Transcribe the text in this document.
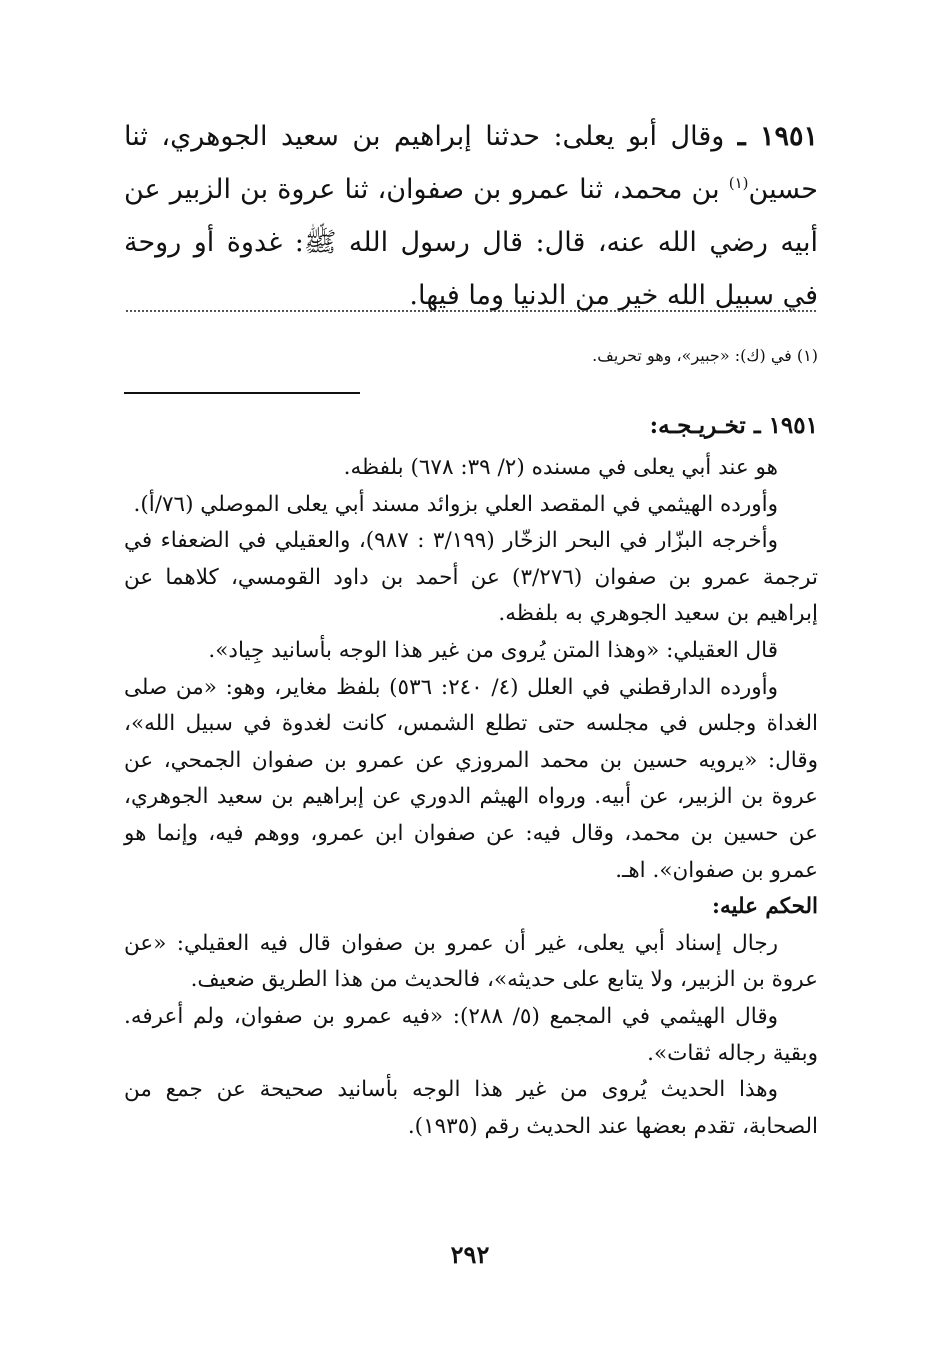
١٩٥١ ـ وقال أبو يعلى: حدثنا إبراهيم بن سعيد الجوهري، ثنا حسين$^{(١)}$ بن محمد، ثنا عمرو بن صفوان، ثنا عروة بن الزبير عن أبيه رضي الله عنه، قال: قال رسول الله ﷺ: غدوة أو روحة في سبيل الله خير من الدنيا وما فيها.

(١) في (ك): «جبير»، وهو تحريف.

١٩٥١ ـ تخـريـجـه:

هو عند أبي يعلى في مسنده (٢/ ٣٩: ٦٧٨) بلفظه.

وأورده الهيثمي في المقصد العلي بزوائد مسند أبي يعلى الموصلي (٧٦/أ).

وأخرجه البزّار في البحر الزخّار (٣/١٩٩ : ٩٨٧)، والعقيلي في الضعفاء في ترجمة عمرو بن صفوان (٣/٢٧٦) عن أحمد بن داود القومسي، كلاهما عن إبراهيم بن سعيد الجوهري به بلفظه.

قال العقيلي: «وهذا المتن يُروى من غير هذا الوجه بأسانيد جِياد».

وأورده الدارقطني في العلل (٤/ ٢٤٠: ٥٣٦) بلفظ مغاير، وهو: «من صلى الغداة وجلس في مجلسه حتى تطلع الشمس، كانت لغدوة في سبيل الله»، وقال: «يرويه حسين بن محمد المروزي عن عمرو بن صفوان الجمحي، عن عروة بن الزبير، عن أبيه. ورواه الهيثم الدوري عن إبراهيم بن سعيد الجوهري، عن حسين بن محمد، وقال فيه: عن صفوان ابن عمرو، ووهم فيه، وإنما هو عمرو بن صفوان». اهـ.

الحكم عليه:

رجال إسناد أبي يعلى، غير أن عمرو بن صفوان قال فيه العقيلي: «عن عروة بن الزبير، ولا يتابع على حديثه»، فالحديث من هذا الطريق ضعيف.

وقال الهيثمي في المجمع (٥/ ٢٨٨): «فيه عمرو بن صفوان، ولم أعرفه. وبقية رجاله ثقات».

وهذا الحديث يُروى من غير هذا الوجه بأسانيد صحيحة عن جمع من الصحابة، تقدم بعضها عند الحديث رقم (١٩٣٥).

٢٩٢
